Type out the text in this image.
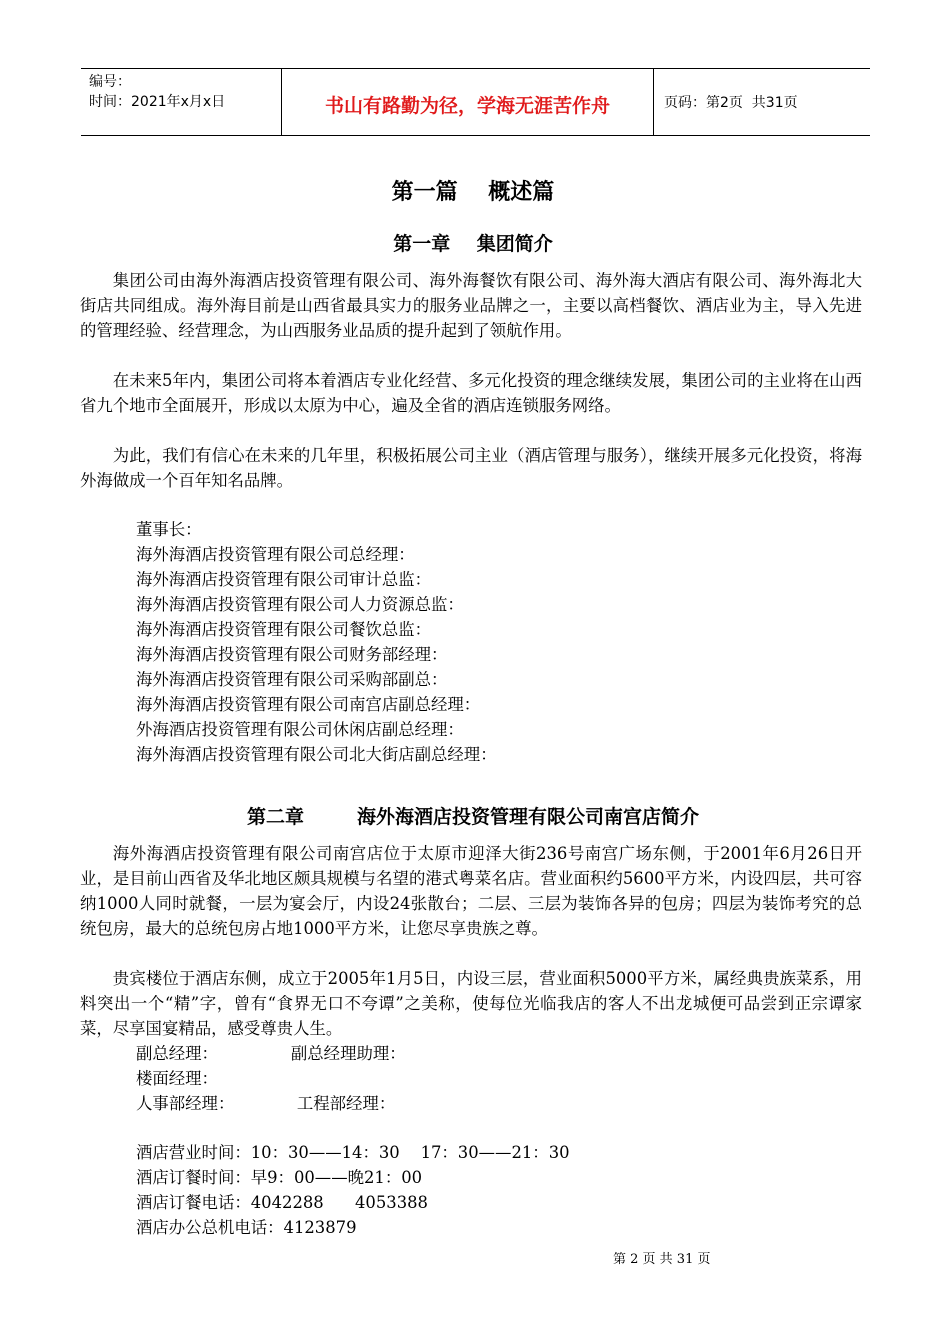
编号：
时间：2021年x月x日	书山有路勤为径，学海无涯苦作舟	页码：第2页  共31页
第一篇    概述篇
第一章    集团简介
集团公司由海外海酒店投资管理有限公司、海外海餐饮有限公司、海外海大酒店有限公司、海外海北大街店共同组成。海外海目前是山西省最具实力的服务业品牌之一，主要以高档餐饮、酒店业为主，导入先进的管理经验、经营理念，为山西服务业品质的提升起到了领航作用。
在未来5年内，集团公司将本着酒店专业化经营、多元化投资的理念继续发展，集团公司的主业将在山西省九个地市全面展开，形成以太原为中心，遍及全省的酒店连锁服务网络。
为此，我们有信心在未来的几年里，积极拓展公司主业（酒店管理与服务），继续开展多元化投资，将海外海做成一个百年知名品牌。
董事长：
海外海酒店投资管理有限公司总经理：
海外海酒店投资管理有限公司审计总监：
海外海酒店投资管理有限公司人力资源总监：
海外海酒店投资管理有限公司餐饮总监：
海外海酒店投资管理有限公司财务部经理：
海外海酒店投资管理有限公司采购部副总：
海外海酒店投资管理有限公司南宫店副总经理：
外海酒店投资管理有限公司休闲店副总经理：
海外海酒店投资管理有限公司北大街店副总经理：
第二章        海外海酒店投资管理有限公司南宫店简介
海外海酒店投资管理有限公司南宫店位于太原市迎泽大街236号南宫广场东侧，于2001年6月26日开业，是目前山西省及华北地区颇具规模与名望的港式粤菜名店。营业面积约5600平方米，内设四层，共可容纳1000人同时就餐，一层为宴会厅，内设24张散台；二层、三层为装饰各异的包房；四层为装饰考究的总统包房，最大的总统包房占地1000平方米，让您尽享贵族之尊。
贵宾楼位于酒店东侧，成立于2005年1月5日，内设三层，营业面积5000平方米，属经典贵族菜系，用料突出一个“精”字，曾有“食界无口不夸谭”之美称，使每位光临我店的客人不出龙城便可品尝到正宗谭家菜，尽享国宴精品，感受尊贵人生。
副总经理：              副总经理助理：
楼面经理：
人事部经理：            工程部经理：
酒店营业时间：10：30——14：30    17：30——21：30
酒店订餐时间：早9：00——晚21：00
酒店订餐电话：4042288      4053388
酒店办公总机电话：4123879
第 2 页 共 31 页
